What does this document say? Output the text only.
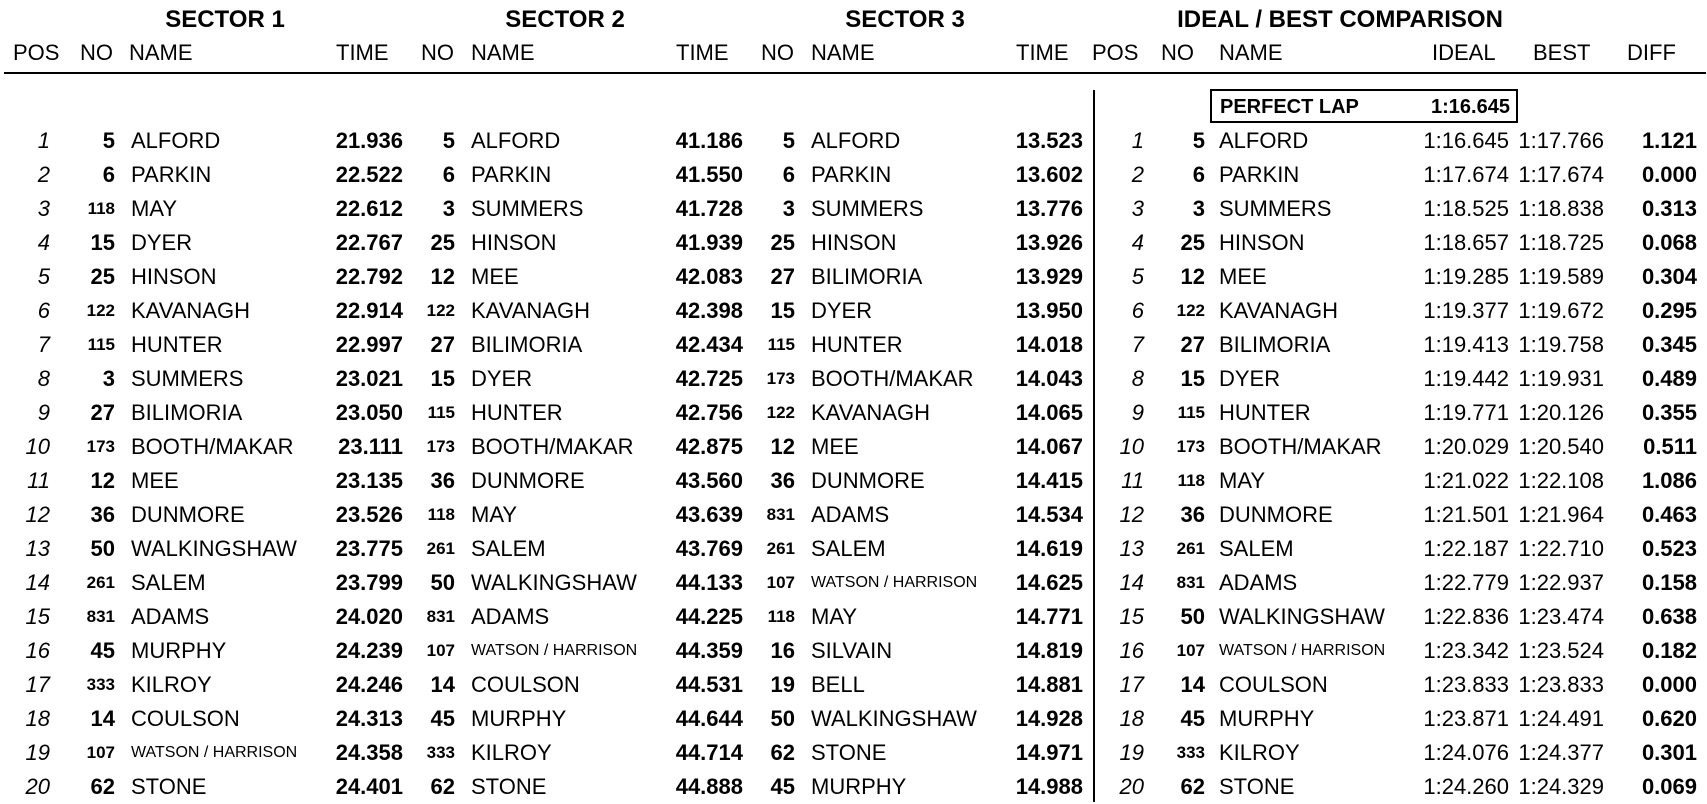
SECTOR 1	SECTOR 2	SECTOR 3	IDEAL / BEST COMPARISON
POS NO NAME	TIME NO NAME	TIME NO NAME	TIME POS NO NAME	IDEAL BEST DIFF
PERFECT LAP	1:16.645
1	5 ALFORD	21.936	5 ALFORD	41.186	5 ALFORD	13.523	1	5 ALFORD	1:16.645 1:17.766	1.121
2	6 PARKIN	22.522	6 PARKIN	41.550	6 PARKIN	13.602	2	6 PARKIN	1:17.674 1:17.674	0.000
3	118 MAY	22.612	3 SUMMERS	41.728	3 SUMMERS	13.776	3	3 SUMMERS	1:18.525 1:18.838	0.313
4	15 DYER	22.767	25 HINSON	41.939	25 HINSON	13.926	4	25 HINSON	1:18.657 1:18.725	0.068
5	25 HINSON	22.792	12 MEE	42.083	27 BILIMORIA	13.929	5	12 MEE	1:19.285 1:19.589	0.304
6	122 KAVANAGH	22.914	122 KAVANAGH	42.398	15 DYER	13.950	6	122 KAVANAGH	1:19.377 1:19.672	0.295
7	115 HUNTER	22.997	27 BILIMORIA	42.434	115 HUNTER	14.018	7	27 BILIMORIA	1:19.413 1:19.758	0.345
8	3 SUMMERS	23.021	15 DYER	42.725	173 BOOTH/MAKAR	14.043	8	15 DYER	1:19.442 1:19.931	0.489
9	27 BILIMORIA	23.050	115 HUNTER	42.756	122 KAVANAGH	14.065	9	115 HUNTER	1:19.771 1:20.126	0.355
10	173 BOOTH/MAKAR	23.111	173 BOOTH/MAKAR	42.875	12 MEE	14.067 10	173 BOOTH/MAKAR	1:20.029 1:20.540	0.511
11	12 MEE	23.135	36 DUNMORE	43.560	36 DUNMORE	14.415	11	118 MAY	1:21.022 1:22.108	1.086
12	36 DUNMORE	23.526	118 MAY	43.639	831 ADAMS	14.534 12	36 DUNMORE	1:21.501 1:21.964	0.463
13	50 WALKINGSHAW	23.775	261 SALEM	43.769	261 SALEM	14.619 13	261 SALEM	1:22.187 1:22.710	0.523
14	261 SALEM	23.799	50 WALKINGSHAW	44.133	107 WATSON / HARRISON	14.625 14	831 ADAMS	1:22.779 1:22.937	0.158
15	831 ADAMS	24.020	831 ADAMS	44.225	118 MAY	14.771 15	50 WALKINGSHAW	1:22.836 1:23.474	0.638
16	45 MURPHY	24.239	107 WATSON / HARRISON	44.359	16 SILVAIN	14.819 16	107 WATSON / HARRISON	1:23.342 1:23.524	0.182
17	333 KILROY	24.246	14 COULSON	44.531	19 BELL	14.881 17	14 COULSON	1:23.833 1:23.833	0.000
18	14 COULSON	24.313	45 MURPHY	44.644	50 WALKINGSHAW	14.928 18	45 MURPHY	1:23.871 1:24.491	0.620
19	107 WATSON / HARRISON	24.358	333 KILROY	44.714	62 STONE	14.971 19	333 KILROY	1:24.076 1:24.377	0.301
20	62 STONE	24.401	62 STONE	44.888	45 MURPHY	14.988 20	62 STONE	1:24.260 1:24.329	0.069
